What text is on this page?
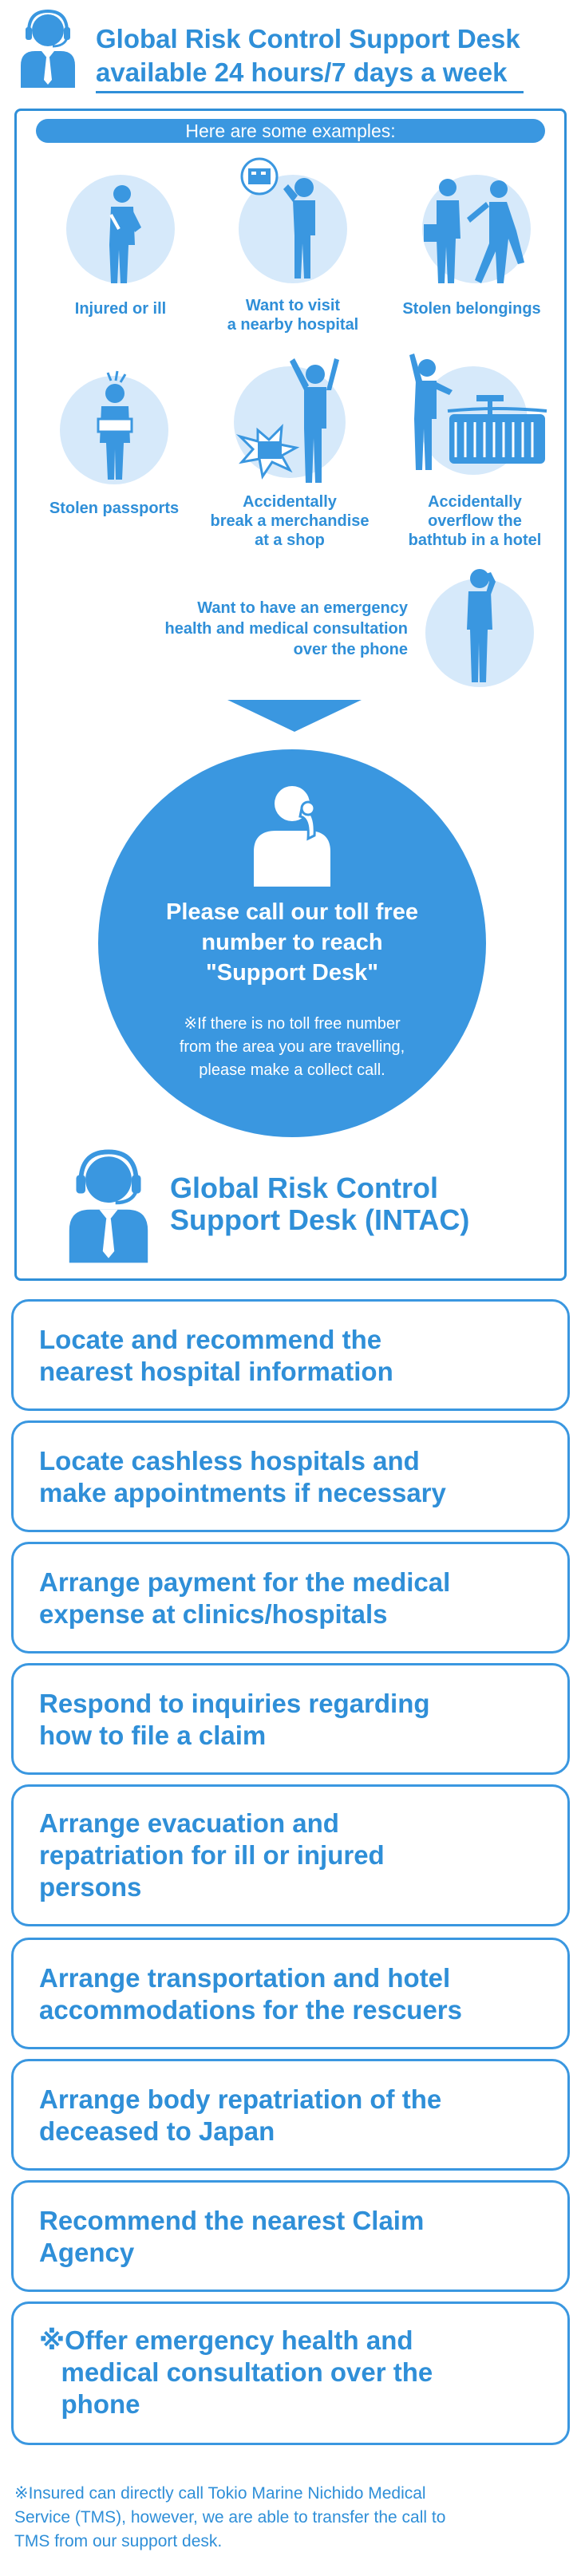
Global Risk Control Support Desk
available 24 hours/7 days a week
Here are some examples:
Injured or ill	Want to visit
a nearby hospital
Stolen belongings
Stolen passports	Accidentally
break a merchandise
at a shop
Accidentally
overflow the
bathtub in a hotel
Want to have an emergency
health and medical consultation
over the phone
Please call our toll free
number to reach
"Support Desk"
※If there is no toll free number
from the area you are travelling,
please make a collect call.
Global Risk Control
Support Desk (INTAC)
Locate and recommend the
nearest hospital information
Locate cashless hospitals and
make appointments if necessary
Arrange payment for the medical
expense at clinics/hospitals
Respond to inquiries regarding
how to file a claim
Arrange evacuation and
repatriation for ill or injured
persons
Arrange transportation and hotel
accommodations for the rescuers
Arrange body repatriation of the
deceased to Japan
Recommend the nearest Claim
Agency
※Offer emergency health and
medical consultation over the
phone
※Insured can directly call Tokio Marine Nichido Medical
Service (TMS), however, we are able to transfer the call to
TMS from our support desk.
